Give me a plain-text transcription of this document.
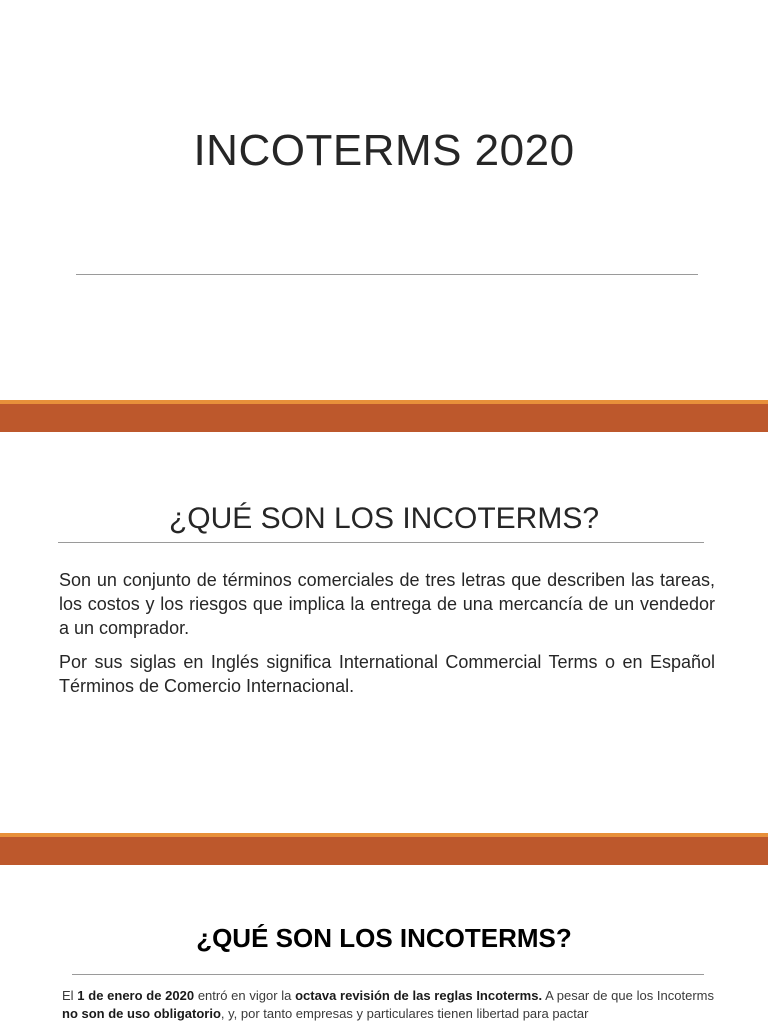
INCOTERMS 2020
¿QUÉ SON LOS INCOTERMS?

Son un conjunto de términos comerciales de tres letras que describen las tareas, los costos y los riesgos que implica la entrega de una mercancía de un vendedor a un comprador.

Por sus siglas en Inglés significa International Commercial Terms o en Español Términos de Comercio Internacional.

¿QUÉ SON LOS INCOTERMS?
El 1 de enero de 2020 entró en vigor la octava revisión de las reglas Incoterms. A pesar de que los Incoterms no son de uso obligatorio, y, por tanto empresas y particulares tienen libertad para pactar
